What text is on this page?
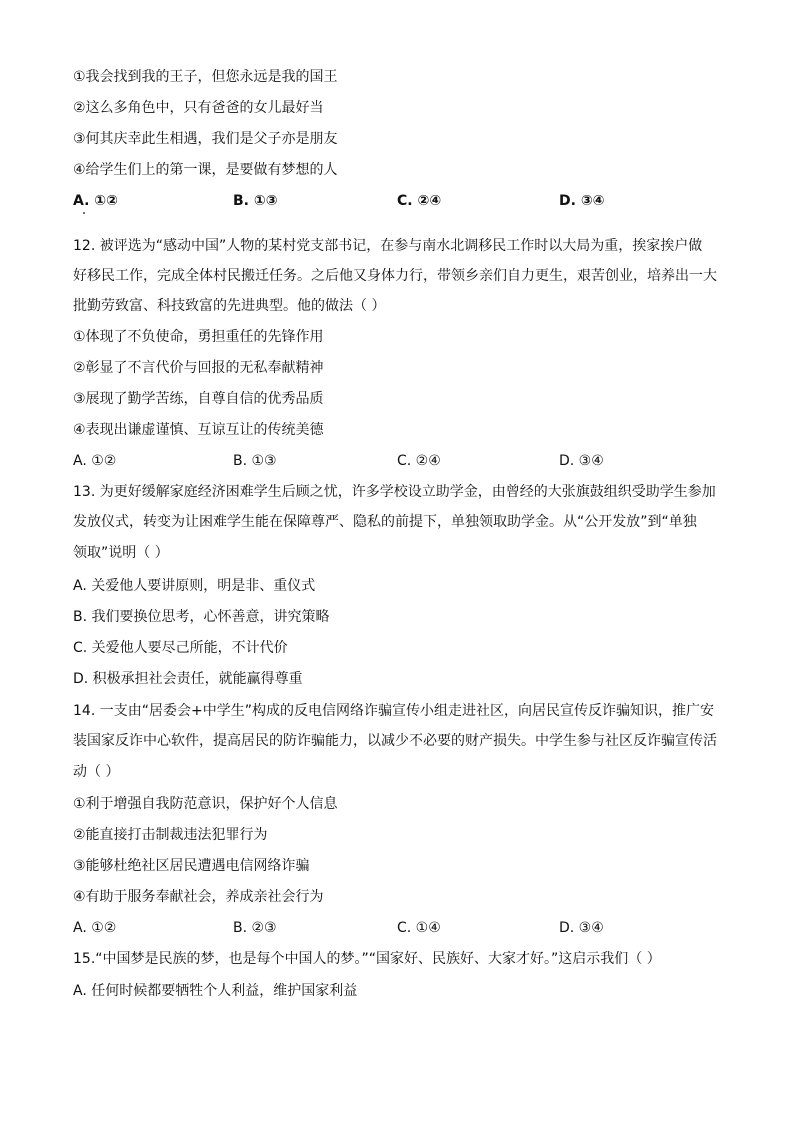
①我会找到我的王子，但您永远是我的国王
②这么多角色中，只有爸爸的女儿最好当
③何其庆幸此生相遇，我们是父子亦是朋友
④给学生们上的第一课，是要做有梦想的人
A. ①②	B. ①③	C. ②④	D. ③④
12. 被评选为“感动中国”人物的某村党支部书记，在参与南水北调移民工作时以大局为重，挨家挨户做
好移民工作，完成全体村民搬迁任务。之后他又身体力行，带领乡亲们自力更生，艰苦创业，培养出一大
批勤劳致富、科技致富的先进典型。他的做法（ ）
①体现了不负使命，勇担重任的先锋作用
②彰显了不言代价与回报的无私奉献精神
③展现了勤学苦练，自尊自信的优秀品质
④表现出谦虚谨慎、互谅互让的传统美德
A. ①②	B. ①③	C. ②④	D. ③④
13. 为更好缓解家庭经济困难学生后顾之忧，许多学校设立助学金，由曾经的大张旗鼓组织受助学生参加
发放仪式，转变为让困难学生能在保障尊严、隐私的前提下，单独领取助学金。从“公开发放”到“单独
领取”说明（ ）
A. 关爱他人要讲原则，明是非、重仪式
B. 我们要换位思考，心怀善意，讲究策略
C. 关爱他人要尽己所能，不计代价
D. 积极承担社会责任，就能赢得尊重
14. 一支由“居委会+中学生”构成的反电信网络诈骗宣传小组走进社区，向居民宣传反诈骗知识，推广安
装国家反诈中心软件，提高居民的防诈骗能力，以减少不必要的财产损失。中学生参与社区反诈骗宣传活
动（ ）
①利于增强自我防范意识，保护好个人信息
②能直接打击制裁违法犯罪行为
③能够杜绝社区居民遭遇电信网络诈骗
④有助于服务奉献社会，养成亲社会行为
A. ①②	B. ②③	C. ①④	D. ③④
15.“中国梦是民族的梦，也是每个中国人的梦。”“国家好、民族好、大家才好。”这启示我们（ ）
A. 任何时候都要牺牲个人利益，维护国家利益
